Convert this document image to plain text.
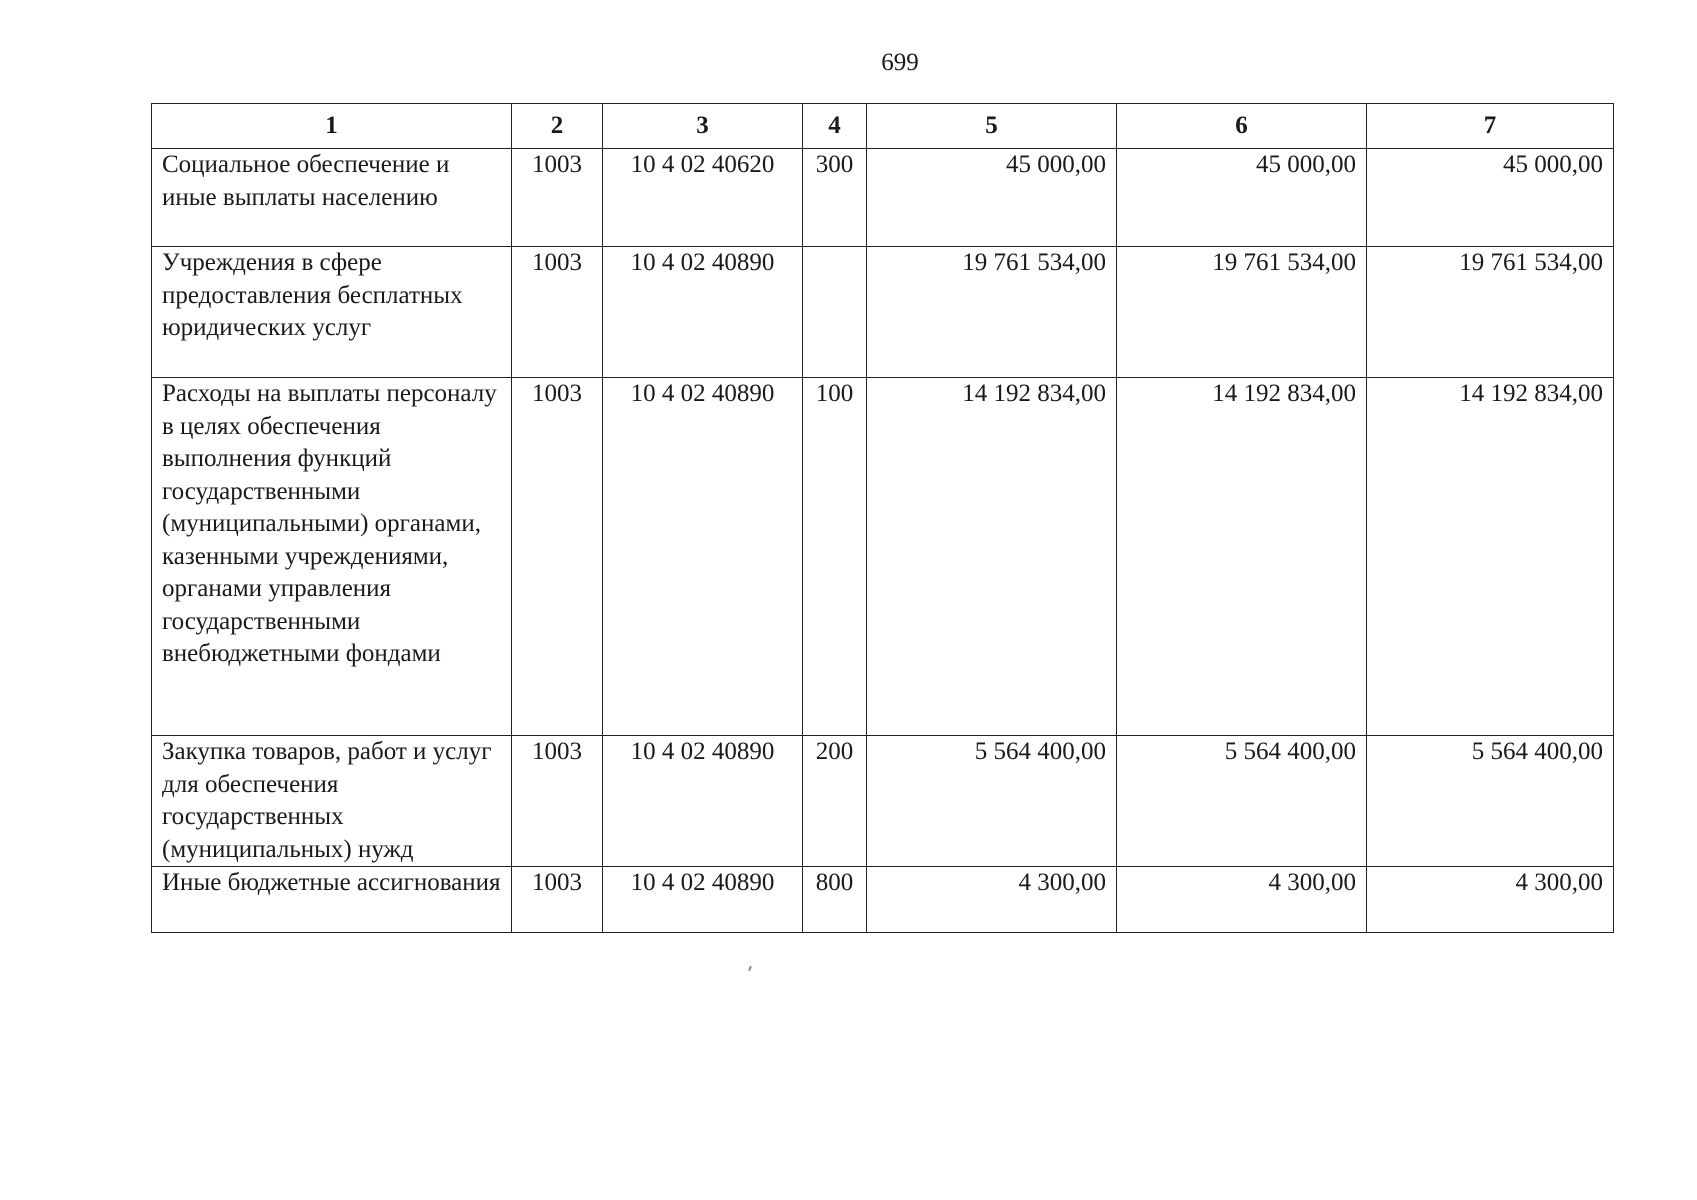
699
1	2	3	4	5	6	7
Социальное обеспечение и иные выплаты населению	1003	10 4 02 40620	300	45 000,00	45 000,00	45 000,00
Учреждения в сфере предоставления бесплатных юридических услуг	1003	10 4 02 40890		19 761 534,00	19 761 534,00	19 761 534,00
Расходы на выплаты персоналу в целях обеспечения выполнения функций государственными (муниципальными) органами, казенными учреждениями, органами управления государственными внебюджетными фондами	1003	10 4 02 40890	100	14 192 834,00	14 192 834,00	14 192 834,00
Закупка товаров, работ и услуг для обеспечения государственных (муниципальных) нужд	1003	10 4 02 40890	200	5 564 400,00	5 564 400,00	5 564 400,00
Иные бюджетные ассигнования	1003	10 4 02 40890	800	4 300,00	4 300,00	4 300,00
